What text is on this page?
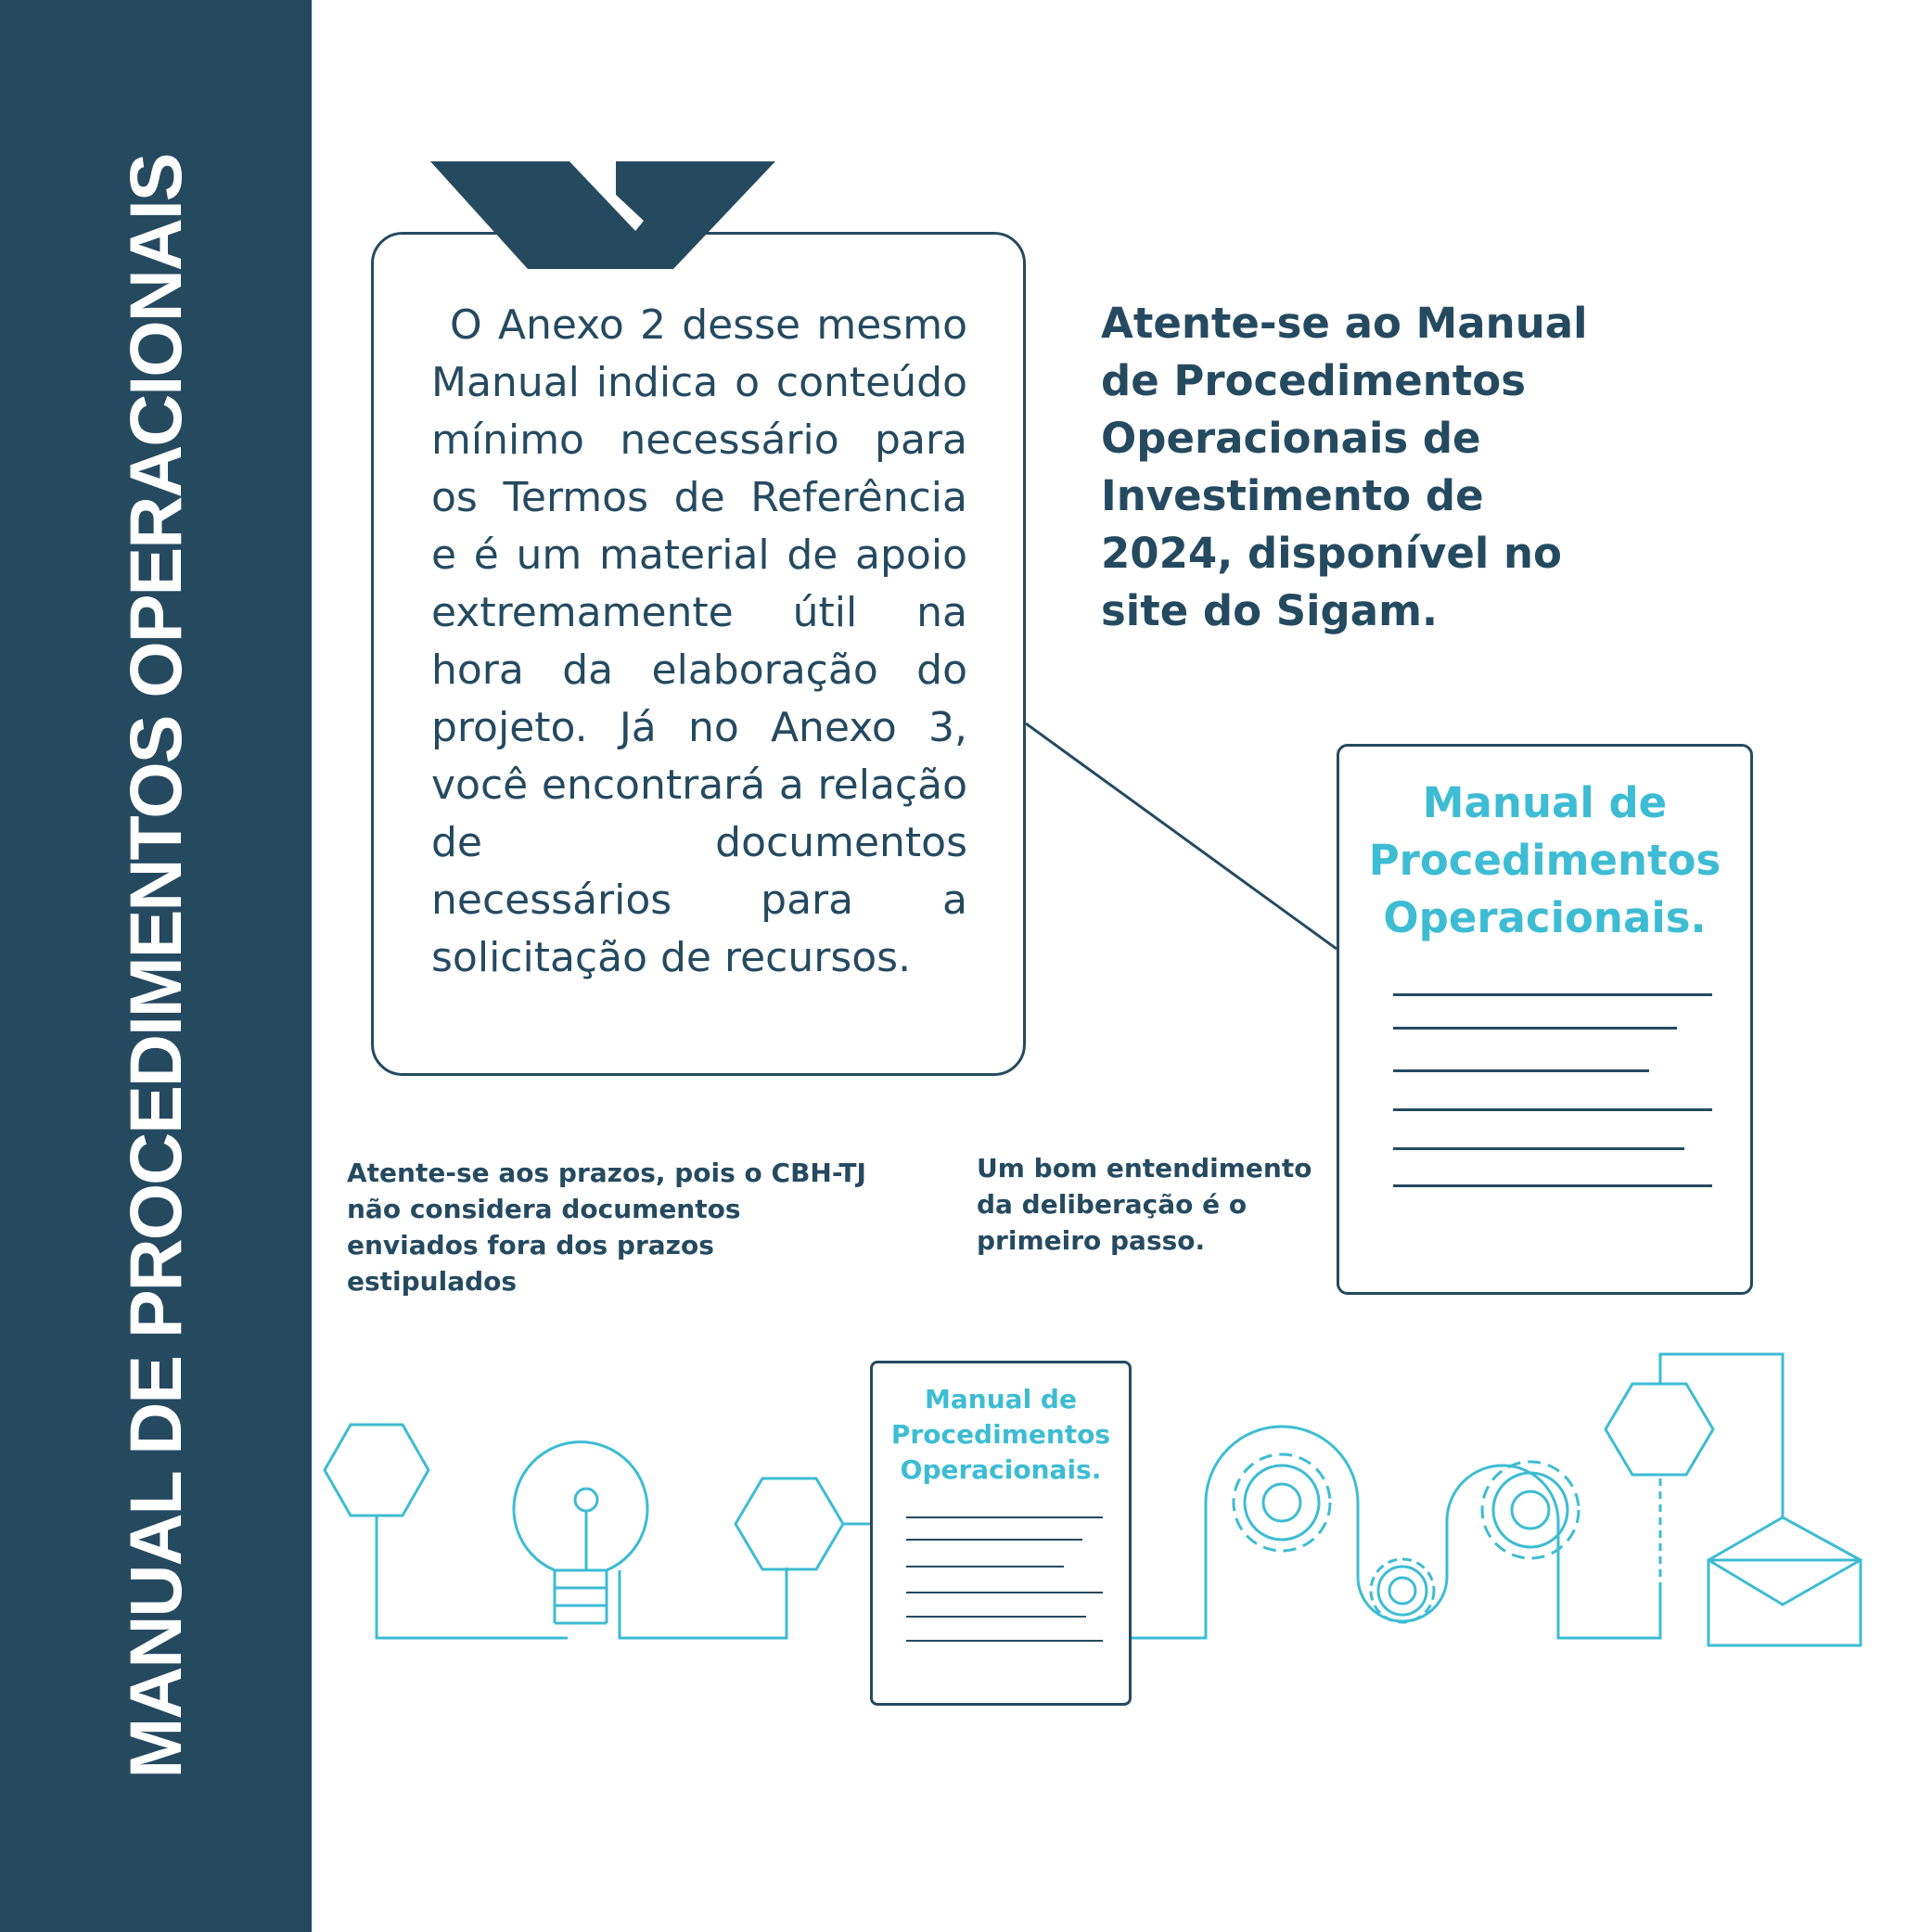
MANUAL DE PROCEDIMENTOS OPERACIONAIS	O Anexo 2 desse mesmo Manual indica o conteúdo mínimo necessário para os Termos de Referência e é um material de apoio extremamente útil na hora da elaboração do projeto. Já no Anexo 3, você encontrará a relação de documentos necessários para a solicitação de recursos.
Atente-se ao Manual de Procedimentos Operacionais de Investimento de 2024, disponível no site do Sigam.
Manual de
Procedimentos
Operacionais.
Atente-se aos prazos, pois o CBH-TJ não considera documentos enviados fora dos prazos estipulados
Um bom entendimento da deliberação é o primeiro passo.
Manual de
Procedimentos
Operacionais.
